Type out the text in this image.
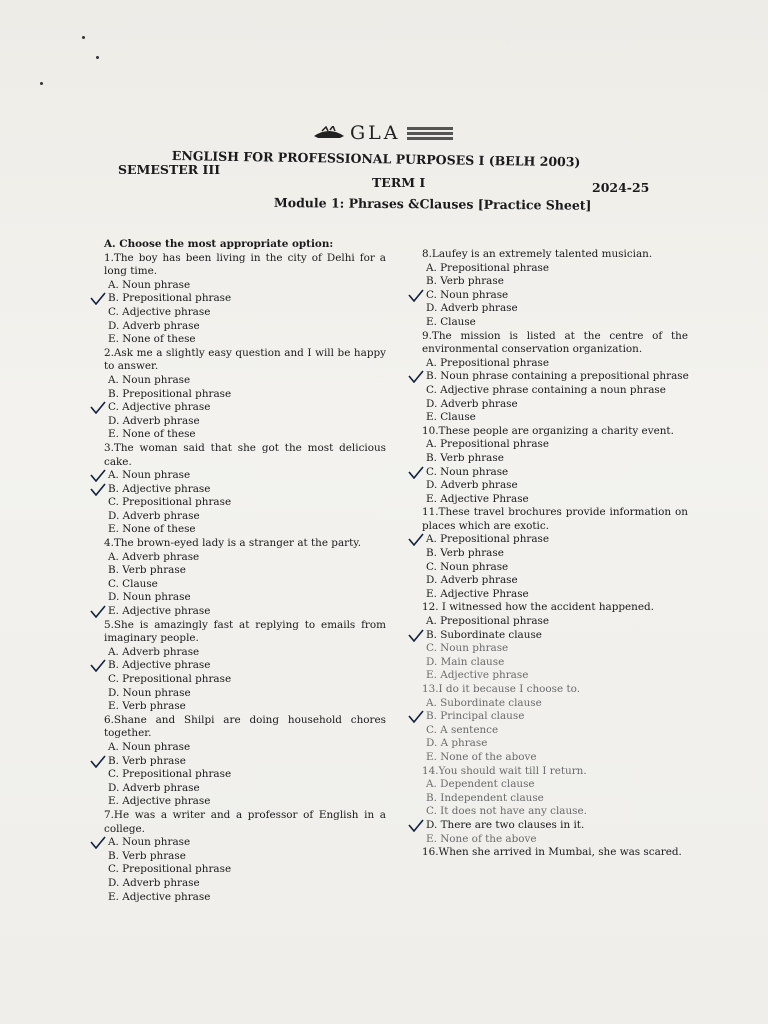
GLA
ENGLISH FOR PROFESSIONAL PURPOSES I (BELH 2003)
SEMESTER III
TERM I	2024-25
Module 1: Phrases &Clauses [Practice Sheet]
A. Choose the most appropriate option:
1.The boy has been living in the city of Delhi for a long time.
A. Noun phrase
B. Prepositional phrase
C. Adjective phrase
D. Adverb phrase
E. None of these
2.Ask me a slightly easy question and I will be happy to answer.
A. Noun phrase
B. Prepositional phrase
C. Adjective phrase
D. Adverb phrase
E. None of these
3.The woman said that she got the most delicious cake.
A. Noun phrase
B. Adjective phrase
C. Prepositional phrase
D. Adverb phrase
E. None of these
4.The brown-eyed lady is a stranger at the party.
A. Adverb phrase
B. Verb phrase
C. Clause
D. Noun phrase
E. Adjective phrase
5.She is amazingly fast at replying to emails from imaginary people.
A. Adverb phrase
B. Adjective phrase
C. Prepositional phrase
D. Noun phrase
E. Verb phrase
6.Shane and Shilpi are doing household chores together.
A. Noun phrase
B. Verb phrase
C. Prepositional phrase
D. Adverb phrase
E. Adjective phrase
7.He was a writer and a professor of English in a college.
A. Noun phrase
B. Verb phrase
C. Prepositional phrase
D. Adverb phrase
E. Adjective phrase
8.Laufey is an extremely talented musician.
A. Prepositional phrase
B. Verb phrase
C. Noun phrase
D. Adverb phrase
E. Clause
9.The mission is listed at the centre of the environmental conservation organization.
A. Prepositional phrase
B. Noun phrase containing a prepositional phrase
C. Adjective phrase containing a noun phrase
D. Adverb phrase
E. Clause
10.These people are organizing a charity event.
A. Prepositional phrase
B. Verb phrase
C. Noun phrase
D. Adverb phrase
E. Adjective Phrase
11.These travel brochures provide information on places which are exotic.
A. Prepositional phrase
B. Verb phrase
C. Noun phrase
D. Adverb phrase
E. Adjective Phrase
12. I witnessed how the accident happened.
A. Prepositional phrase
B. Subordinate clause
C. Noun phrase
D. Main clause
E. Adjective phrase
13.I do it because I choose to.
A. Subordinate clause
B. Principal clause
C. A sentence
D. A phrase
E. None of the above
14.You should wait till I return.
A. Dependent clause
B. Independent clause
C. It does not have any clause.
D. There are two clauses in it.
E. None of the above
16.When she arrived in Mumbai, she was scared.
